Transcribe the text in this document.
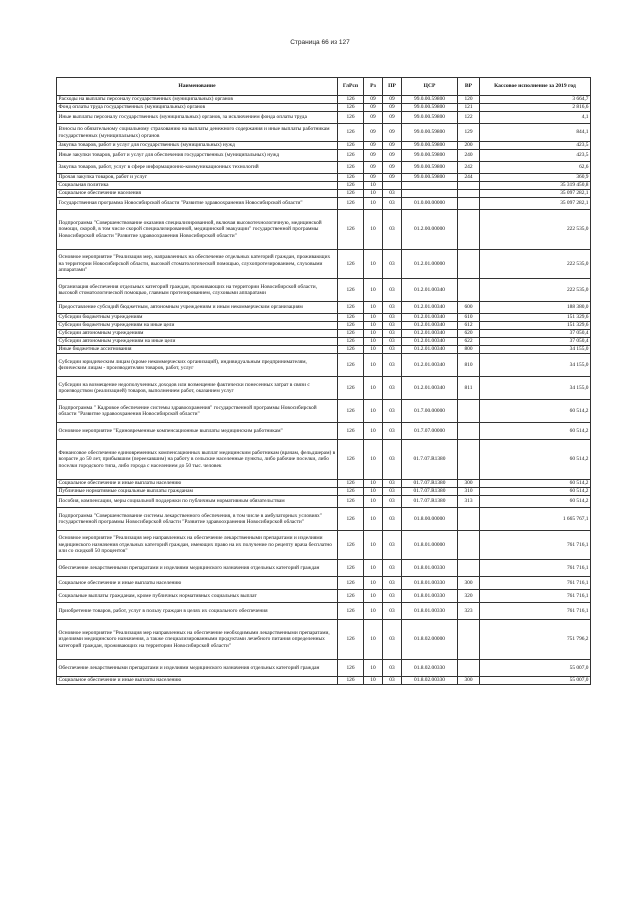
Страница 66 из 127
Наименование	ГлРсп	Рз	ПР	ЦСР	ВР	Кассовое исполнение за 2019 год
Расходы на выплаты персоналу государственных (муниципальных) органов	126	09	09	99.0.00.59800	120	3 664,7
Фонд оплаты труда государственных (муниципальных) органов	126	09	09	99.0.00.59800	121	2 816,6
Иные выплаты персоналу государственных (муниципальных) органов, за исключением фонда оплаты труда	126	09	09	99.0.00.59800	122	4,1
Взносы по обязательному социальному страхованию на выплаты денежного содержания и иные выплаты работникам государственных (муниципальных) органов	126	09	09	99.0.00.59800	129	844,1
Закупка товаров, работ и услуг для государственных (муниципальных) нужд	126	09	09	99.0.00.59800	200	423,5
Иные закупки товаров, работ и услуг для обеспечения государственных (муниципальных) нужд	126	09	09	99.0.00.59800	240	423,5
Закупка товаров, работ, услуг в сфере информационно-коммуникационных технологий	126	09	09	99.0.00.59800	242	62,6
Прочая закупка товаров, работ и услуг	126	09	09	99.0.00.59800	244	360,9
Социальная политика	126	10				35 319 450,8
Социальное обеспечение населения	126	10	03			35 097 282,1
Государственная программа Новосибирской области "Развитие здравоохранения Новосибирской области"	126	10	03	01.0.00.00000		35 097 282,1
Подпрограмма "Совершенствование оказания специализированной, включая высокотехнологичную, медицинской помощи, скорой, в том числе скорой специализированной, медицинской эвакуации" государственной программы Новосибирской области "Развитие здравоохранения Новосибирской области"	126	10	03	01.2.00.00000		222 535,0
Основное мероприятие "Реализация мер, направленных на обеспечение отдельных категорий граждан, проживающих на территории Новосибирской области, высокой стоматологической помощью, слухопротезированием, слуховыми аппаратами"	126	10	03	01.2.01.00000		222 535,0
Организация обеспечения отдельных категорий граждан, проживающих на территории Новосибирской области, высокой стоматологической помощью, главным протезированием, слуховыми аппаратами	126	10	03	01.2.01.00340		222 535,0
Предоставление субсидий бюджетным, автономным учреждениям и иным некоммерческим организациям	126	10	03	01.2.01.00340	600	188 380,0
Субсидии бюджетным учреждениям	126	10	03	01.2.01.00340	610	151 329,6
Субсидии бюджетным учреждениям на иные цели	126	10	03	01.2.01.00340	612	151 329,6
Субсидии автономным учреждениям	126	10	03	01.2.01.00340	620	37 050,4
Субсидии автономным учреждениям на иные цели	126	10	03	01.2.01.00340	622	37 050,4
Иные бюджетные ассигнования	126	10	03	01.2.01.00340	800	34 155,0
Субсидии юридическим лицам (кроме некоммерческих организаций), индивидуальным предпринимателям, физическим лицам - производителям товаров, работ, услуг	126	10	03	01.2.01.00340	810	34 155,0
Субсидии на возмещение недополученных доходов или возмещение фактически понесенных затрат в связи с производством (реализацией) товаров, выполнением работ, оказанием услуг	126	10	03	01.2.01.00340	811	34 155,0
Подпрограмма " Кадровое обеспечение системы здравоохранения" государственной программы Новосибирской области "Развитие здравоохранения Новосибирской области"	126	10	03	01.7.00.00000		60 514,2
Основное мероприятие "Единовременные компенсационные выплаты медицинским работникам"	126	10	03	01.7.07.00000		60 514,2
Финансовое обеспечение единовременных компенсационных выплат медицинским работникам (врачам, фельдшерам) в возрасте до 50 лет, прибывшим (переехавшим) на работу в сельские населенные пункты, либо рабочие поселки, либо поселки городского типа, либо города с населением до 50 тыс. человек	126	10	03	01.7.07.R1380		60 514,2
Социальное обеспечение и иные выплаты населению	126	10	03	01.7.07.R1380	300	60 514,2
Публичные нормативные социальные выплаты гражданам	126	10	03	01.7.07.R1380	310	60 514,2
Пособия, компенсации, меры социальной поддержки по публичным нормативным обязательствам	126	10	03	01.7.07.R1380	313	60 514,2
Подпрограмма "Совершенствование системы лекарственного обеспечения, в том числе в амбулаторных условиях" государственной программы Новосибирской области "Развитие здравоохранения Новосибирской области"	126	10	03	01.8.00.00000		1 665 767,1
Основное мероприятие "Реализация мер направленных на обеспечение лекарственными препаратами и изделиями медицинского назначения отдельных категорий граждан, имеющих право на их получение по рецепту врача бесплатно или со скидкой 50 процентов"	126	10	03	01.8.01.00000		761 716,1
Обеспечение лекарственными препаратами и изделиями медицинского назначения отдельных категорий граждан	126	10	03	01.8.01.00330		761 716,1
Социальное обеспечение и иные выплаты населению	126	10	03	01.8.01.00330	300	761 716,1
Социальные выплаты гражданам, кроме публичных нормативных социальных выплат	126	10	03	01.8.01.00330	320	761 716,1
Приобретение товаров, работ, услуг в пользу граждан в целях их социального обеспечения	126	10	03	01.8.01.00330	323	761 716,1
Основное мероприятие "Реализация мер направленных на обеспечение необходимыми лекарственными препаратами, изделиями медицинского назначения, а также специализированными продуктами лечебного питания определенных категорий граждан, проживающих на территории Новосибирской области"	126	10	03	01.8.02.00000		751 796,2
Обеспечение лекарственными препаратами и изделиями медицинского назначения отдельных категорий граждан	126	10	03	01.8.02.00330		55 007,0
Социальное обеспечение и иные выплаты населению	126	10	03	01.8.02.00330	300	55 007,0
